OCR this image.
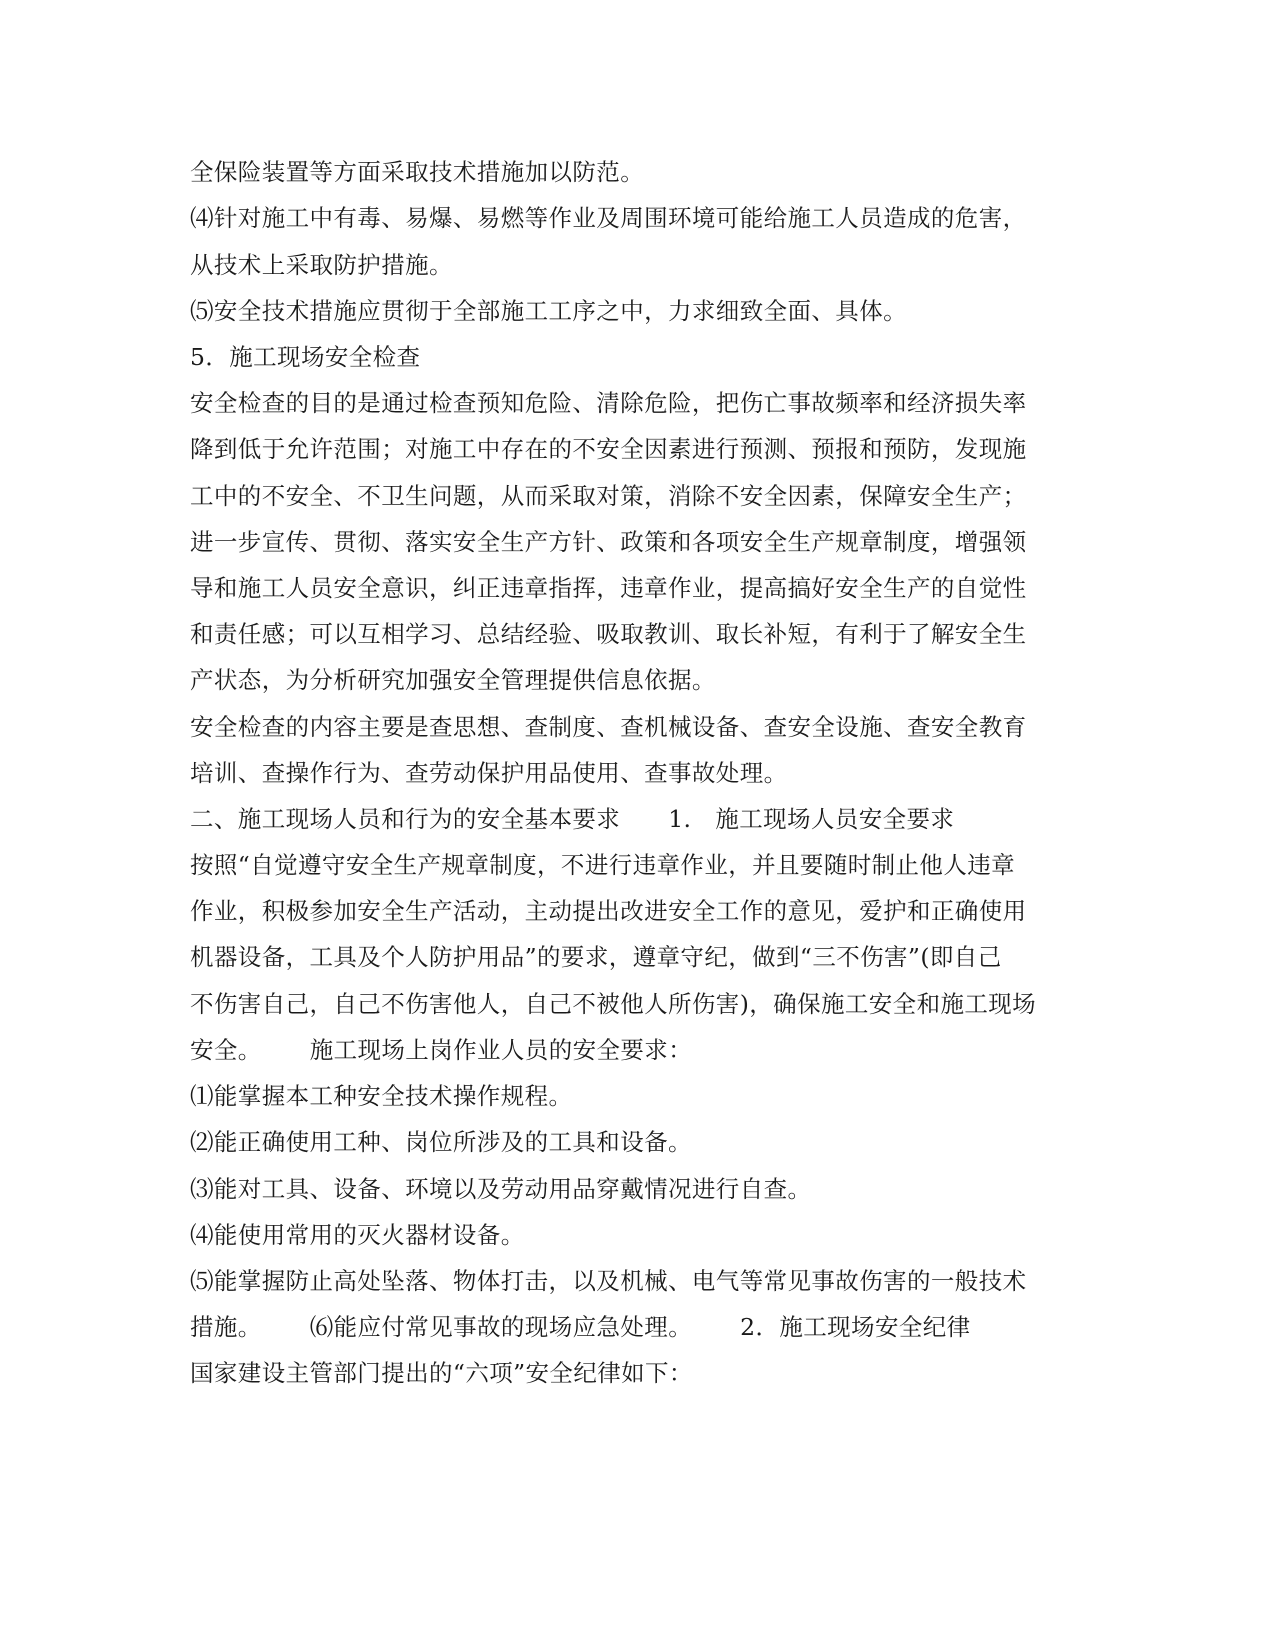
全保险装置等方面采取技术措施加以防范。
⑷针对施工中有毒、易爆、易燃等作业及周围环境可能给施工人员造成的危害，
从技术上采取防护措施。
⑸安全技术措施应贯彻于全部施工工序之中，力求细致全面、具体。
5．施工现场安全检查
安全检查的目的是通过检查预知危险、清除危险，把伤亡事故频率和经济损失率
降到低于允许范围；对施工中存在的不安全因素进行预测、预报和预防，发现施
工中的不安全、不卫生问题，从而采取对策，消除不安全因素，保障安全生产；
进一步宣传、贯彻、落实安全生产方针、政策和各项安全生产规章制度，增强领
导和施工人员安全意识，纠正违章指挥，违章作业，提高搞好安全生产的自觉性
和责任感；可以互相学习、总结经验、吸取教训、取长补短，有利于了解安全生
产状态，为分析研究加强安全管理提供信息依据。
安全检查的内容主要是查思想、查制度、查机械设备、查安全设施、查安全教育
培训、查操作行为、查劳动保护用品使用、查事故处理。
二、施工现场人员和行为的安全基本要求 1.　施工现场人员安全要求
按照“自觉遵守安全生产规章制度，不进行违章作业，并且要随时制止他人违章
作业，积极参加安全生产活动，主动提出改进安全工作的意见，爱护和正确使用
机器设备，工具及个人防护用品”的要求，遵章守纪，做到“三不伤害”(即自己
不伤害自己，自己不伤害他人，自己不被他人所伤害)，确保施工安全和施工现场
安全。 施工现场上岗作业人员的安全要求：
⑴能掌握本工种安全技术操作规程。
⑵能正确使用工种、岗位所涉及的工具和设备。
⑶能对工具、设备、环境以及劳动用品穿戴情况进行自查。
⑷能使用常用的灭火器材设备。
⑸能掌握防止高处坠落、物体打击，以及机械、电气等常见事故伤害的一般技术
措施。 ⑹能应付常见事故的现场应急处理。 2．施工现场安全纪律
国家建设主管部门提出的“六项”安全纪律如下：
